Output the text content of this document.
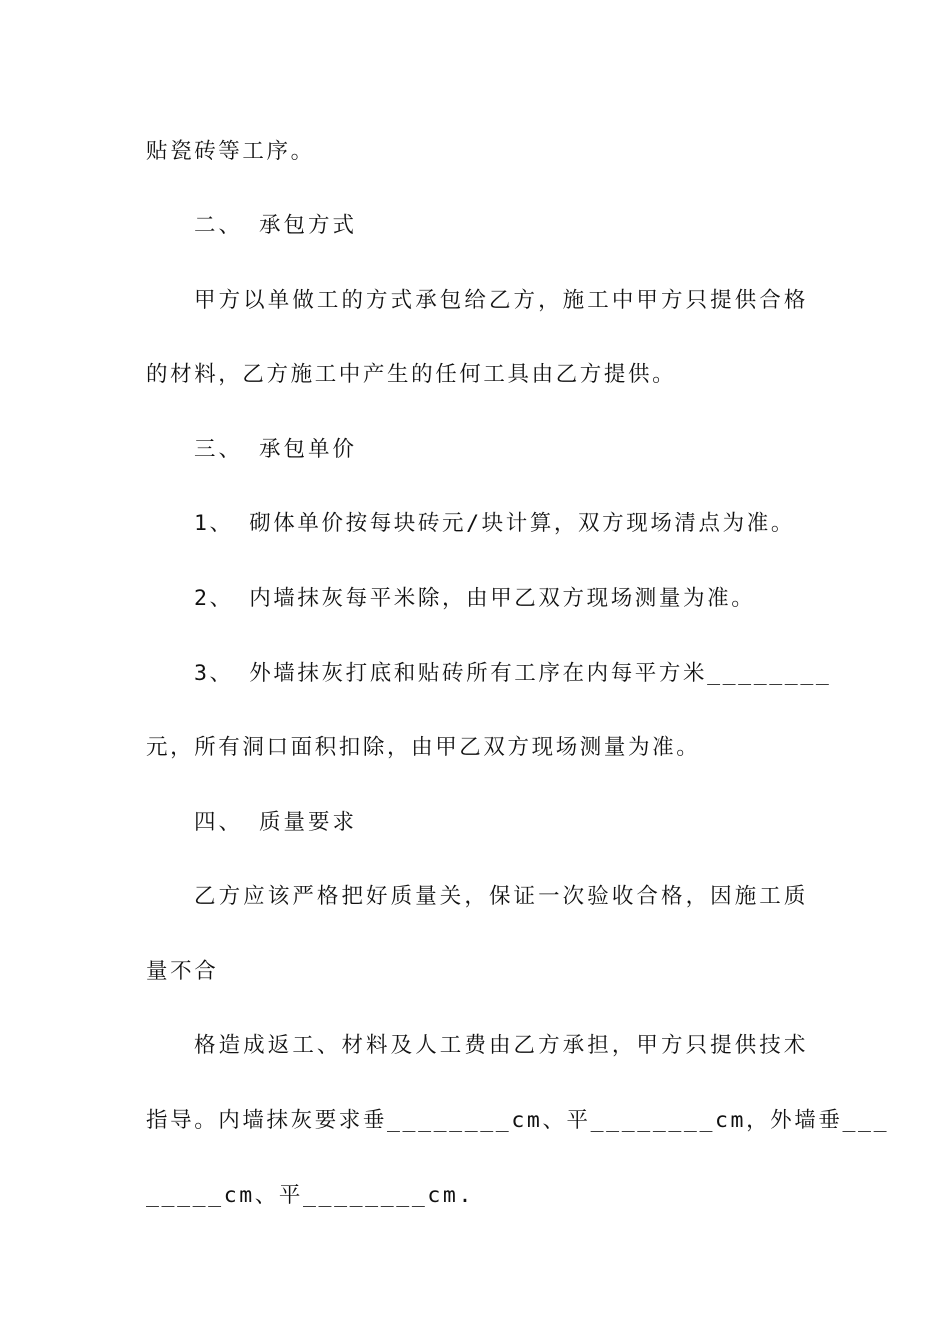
贴瓷砖等工序。
二、 承包方式
甲方以单做工的方式承包给乙方，施工中甲方只提供合格
的材料，乙方施工中产生的任何工具由乙方提供。
三、 承包单价
1、 砌体单价按每块砖元/块计算，双方现场清点为准。
2、 内墙抹灰每平米除，由甲乙双方现场测量为准。
3、 外墙抹灰打底和贴砖所有工序在内每平方米________
元，所有洞口面积扣除，由甲乙双方现场测量为准。
四、 质量要求
乙方应该严格把好质量关，保证一次验收合格，因施工质
量不合
格造成返工、材料及人工费由乙方承担，甲方只提供技术
指导。内墙抹灰要求垂________cm、平________cm，外墙垂___
_____cm、平________cm.
